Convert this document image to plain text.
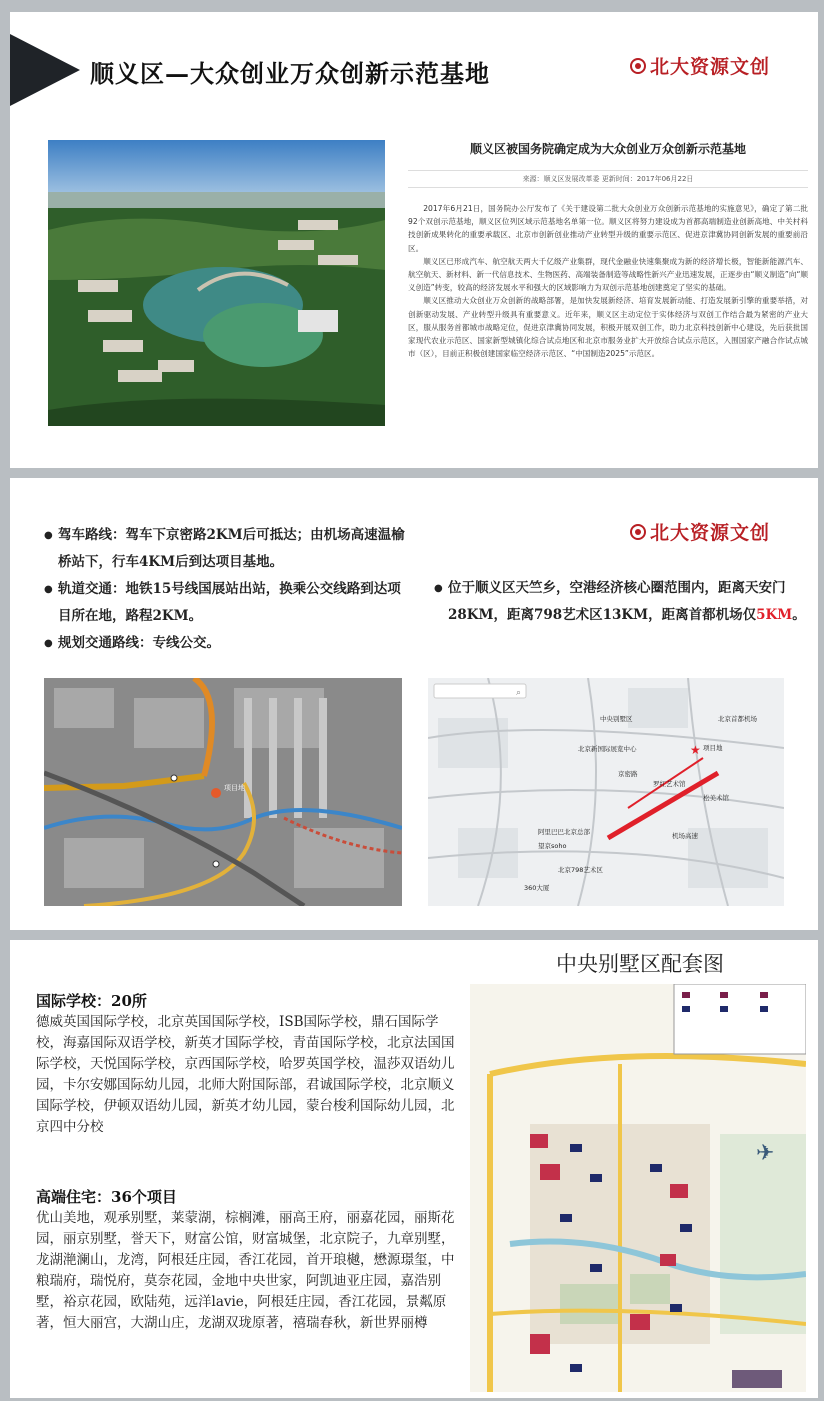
顺义区—大众创业万众创新示范基地	北大资源文创
顺义区被国务院确定成为大众创业万众创新示范基地
来源：顺义区发展改革委 更新时间：2017年06月22日

2017年6月21日，国务院办公厅发布了《关于建设第二批大众创业万众创新示范基地的实施意见》，确定了第二批92个双创示范基地，顺义区位列区域示范基地名单第一位。顺义区将努力建设成为首都高端制造业创新高地、中关村科技创新成果转化的重要承载区、北京市创新创业推动产业转型升级的重要示范区、促进京津冀协同创新发展的重要前沿区。

顺义区已形成汽车、航空航天两大千亿级产业集群，现代金融业快速集聚成为新的经济增长极，智能新能源汽车、航空航天、新材料、新一代信息技术、生物医药、高端装备制造等战略性新兴产业迅速发展，正逐步由“顺义制造”向“顺义创造”转变，较高的经济发展水平和强大的区域影响力为双创示范基地创建奠定了坚实的基础。

顺义区推动大众创业万众创新的战略部署，是加快发展新经济、培育发展新动能、打造发展新引擎的重要举措，对创新驱动发展、产业转型升级具有重要意义。近年来，顺义区主动定位于实体经济与双创工作结合最为紧密的产业大区，服从服务首都城市战略定位，促进京津冀协同发展，积极开展双创工作，助力北京科技创新中心建设，先后获批国家现代农业示范区、国家新型城镇化综合试点地区和北京市服务业扩大开放综合试点示范区，入围国家产融合作试点城市（区），目前正积极创建国家临空经济示范区、“中国制造2025”示范区。

北大资源文创
● 驾车路线：驾车下京密路2KM后可抵达；由机场高速温榆桥站下，行车4KM后到达项目基地。
● 轨道交通：地铁15号线国展站出站，换乘公交线路到达项目所在地，路程2KM。
● 规划交通路线：专线公交。
● 位于顺义区天竺乡，空港经济核心圈范围内，距离天安门28KM，距离798艺术区13KM，距离首都机场仅5KM。
项目地
⌕
中央别墅区	北京首都机场
北京新国际展览中心	项目地
京密路
罗红艺术馆
松美术馆
机场高速
阿里巴巴北京总部
望京soho
北京798艺术区
360大厦
★
国际学校：20所
德威英国国际学校，北京英国国际学校，ISB国际学校，鼎石国际学校，海嘉国际双语学校，新英才国际学校，青苗国际学校，北京法国国际学校，天悦国际学校，京西国际学校，哈罗英国学校，温莎双语幼儿园，卡尔安娜国际幼儿园，北师大附国际部，君诚国际学校，北京顺义国际学校，伊顿双语幼儿园，新英才幼儿园，蒙台梭利国际幼儿园，北京四中分校
高端住宅：36个项目
优山美地，观承别墅，莱蒙湖，棕榈滩，丽高王府，丽嘉花园，丽斯花园，丽京别墅，誉天下，财富公馆，财富城堡，北京院子，九章别墅，龙湖滟澜山，龙湾，阿根廷庄园，香江花园，首开琅樾，懋源璟玺，中粮瑞府，瑞悦府，莫奈花园，金地中央世家，阿凯迪亚庄园，嘉浩别墅，裕京花园，欧陆苑，远洋lavie，阿根廷庄园，香江花园，景粼原著，恒大丽宫，大湖山庄，龙湖双珑原著，禧瑞春秋，新世界丽樽
中央别墅区配套图
✈
